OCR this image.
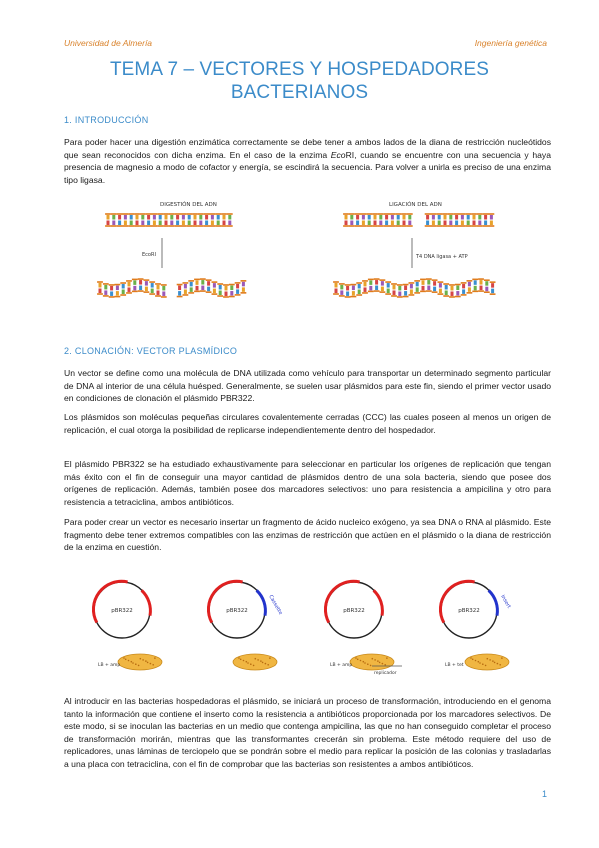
Universidad de Almería	Ingeniería genética
TEMA 7 – VECTORES Y HOSPEDADORES
BACTERIANOS
1. INTRODUCCIÓN

Para poder hacer una digestión enzimática correctamente se debe tener a ambos lados de la diana de restricción nucleótidos que sean reconocidos con dicha enzima. En el caso de la enzima EcoRI, cuando se encuentre con una secuencia y haya presencia de magnesio a modo de cofactor y energía, se escindirá la secuencia. Para volver a unirla es preciso de una enzima tipo ligasa.

DIGESTIÓN DEL ADN
EcoRI
LIGACIÓN DEL ADN
T4 DNA ligasa + ATP
2. CLONACIÓN: VECTOR PLASMÍDICO

Un vector se define como una molécula de DNA utilizada como vehículo para transportar un determinado segmento particular de DNA al interior de una célula huésped. Generalmente, se suelen usar plásmidos para este fin, siendo el primer vector usado en condiciones de clonación el plásmido PBR322.

Los plásmidos son moléculas pequeñas circulares covalentemente cerradas (CCC) las cuales poseen al menos un origen de replicación, el cual otorga la posibilidad de replicarse independientemente dentro del hospedador.

El plásmido PBR322 se ha estudiado exhaustivamente para seleccionar en particular los orígenes de replicación que tengan más éxito con el fin de conseguir una mayor cantidad de plásmidos dentro de una sola bacteria, siendo que posee dos orígenes de replicación. Además, también posee dos marcadores selectivos: uno para resistencia a ampicilina y otro para resistencia a tetraciclina, ambos antibióticos.

Para poder crear un vector es necesario insertar un fragmento de ácido nucleico exógeno, ya sea DNA o RNA al plásmido. Este fragmento debe tener extremos compatibles con las enzimas de restricción que actúen en el plásmido o la diana de restricción de la enzima en cuestión.

pBR322
LB + amp
Cassette
pBR322	pBR322
LB + amp
Insert
pBR322
LB + tet
replicador

Al introducir en las bacterias hospedadoras el plásmido, se iniciará un proceso de transformación, introduciendo en el genoma tanto la información que contiene el inserto como la resistencia a antibióticos proporcionada por los marcadores selectivos. De este modo, si se inoculan las bacterias en un medio que contenga ampicilina, las que no han conseguido completar el proceso de transformación morirán, mientras que las transformantes crecerán sin problema. Este método requiere del uso de replicadores, unas láminas de terciopelo que se pondrán sobre el medio para replicar la posición de las colonias y trasladarlas a una placa con tetraciclina, con el fin de comprobar que las bacterias son resistentes a ambos antibióticos.

1
